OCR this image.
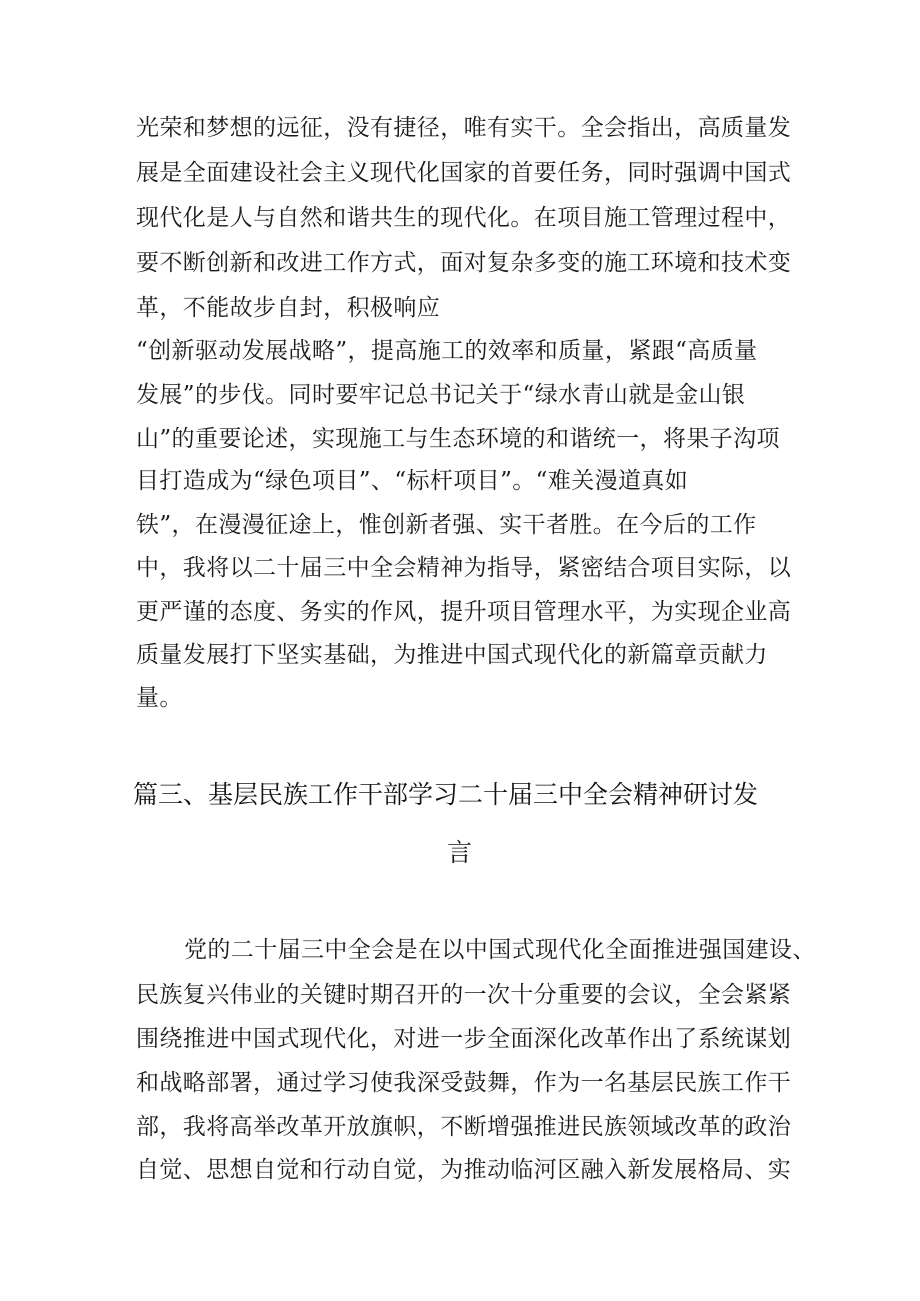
光荣和梦想的远征，没有捷径，唯有实干。全会指出，高质量发
展是全面建设社会主义现代化国家的首要任务，同时强调中国式
现代化是人与自然和谐共生的现代化。在项目施工管理过程中，
要不断创新和改进工作方式，面对复杂多变的施工环境和技术变
革，不能故步自封，积极响应
“创新驱动发展战略”，提高施工的效率和质量，紧跟“高质量
发展”的步伐。同时要牢记总书记关于“绿水青山就是金山银
山”的重要论述，实现施工与生态环境的和谐统一，将果子沟项
目打造成为“绿色项目”、“标杆项目”。“难关漫道真如
铁”，在漫漫征途上，惟创新者强、实干者胜。在今后的工作
中，我将以二十届三中全会精神为指导，紧密结合项目实际，以
更严谨的态度、务实的作风，提升项目管理水平，为实现企业高
质量发展打下坚实基础，为推进中国式现代化的新篇章贡献力
量。
篇三、基层民族工作干部学习二十届三中全会精神研讨发
言
党的二十届三中全会是在以中国式现代化全面推进强国建设、
民族复兴伟业的关键时期召开的一次十分重要的会议，全会紧紧
围绕推进中国式现代化，对进一步全面深化改革作出了系统谋划
和战略部署，通过学习使我深受鼓舞，作为一名基层民族工作干
部，我将高举改革开放旗帜，不断增强推进民族领域改革的政治
自觉、思想自觉和行动自觉，为推动临河区融入新发展格局、实
